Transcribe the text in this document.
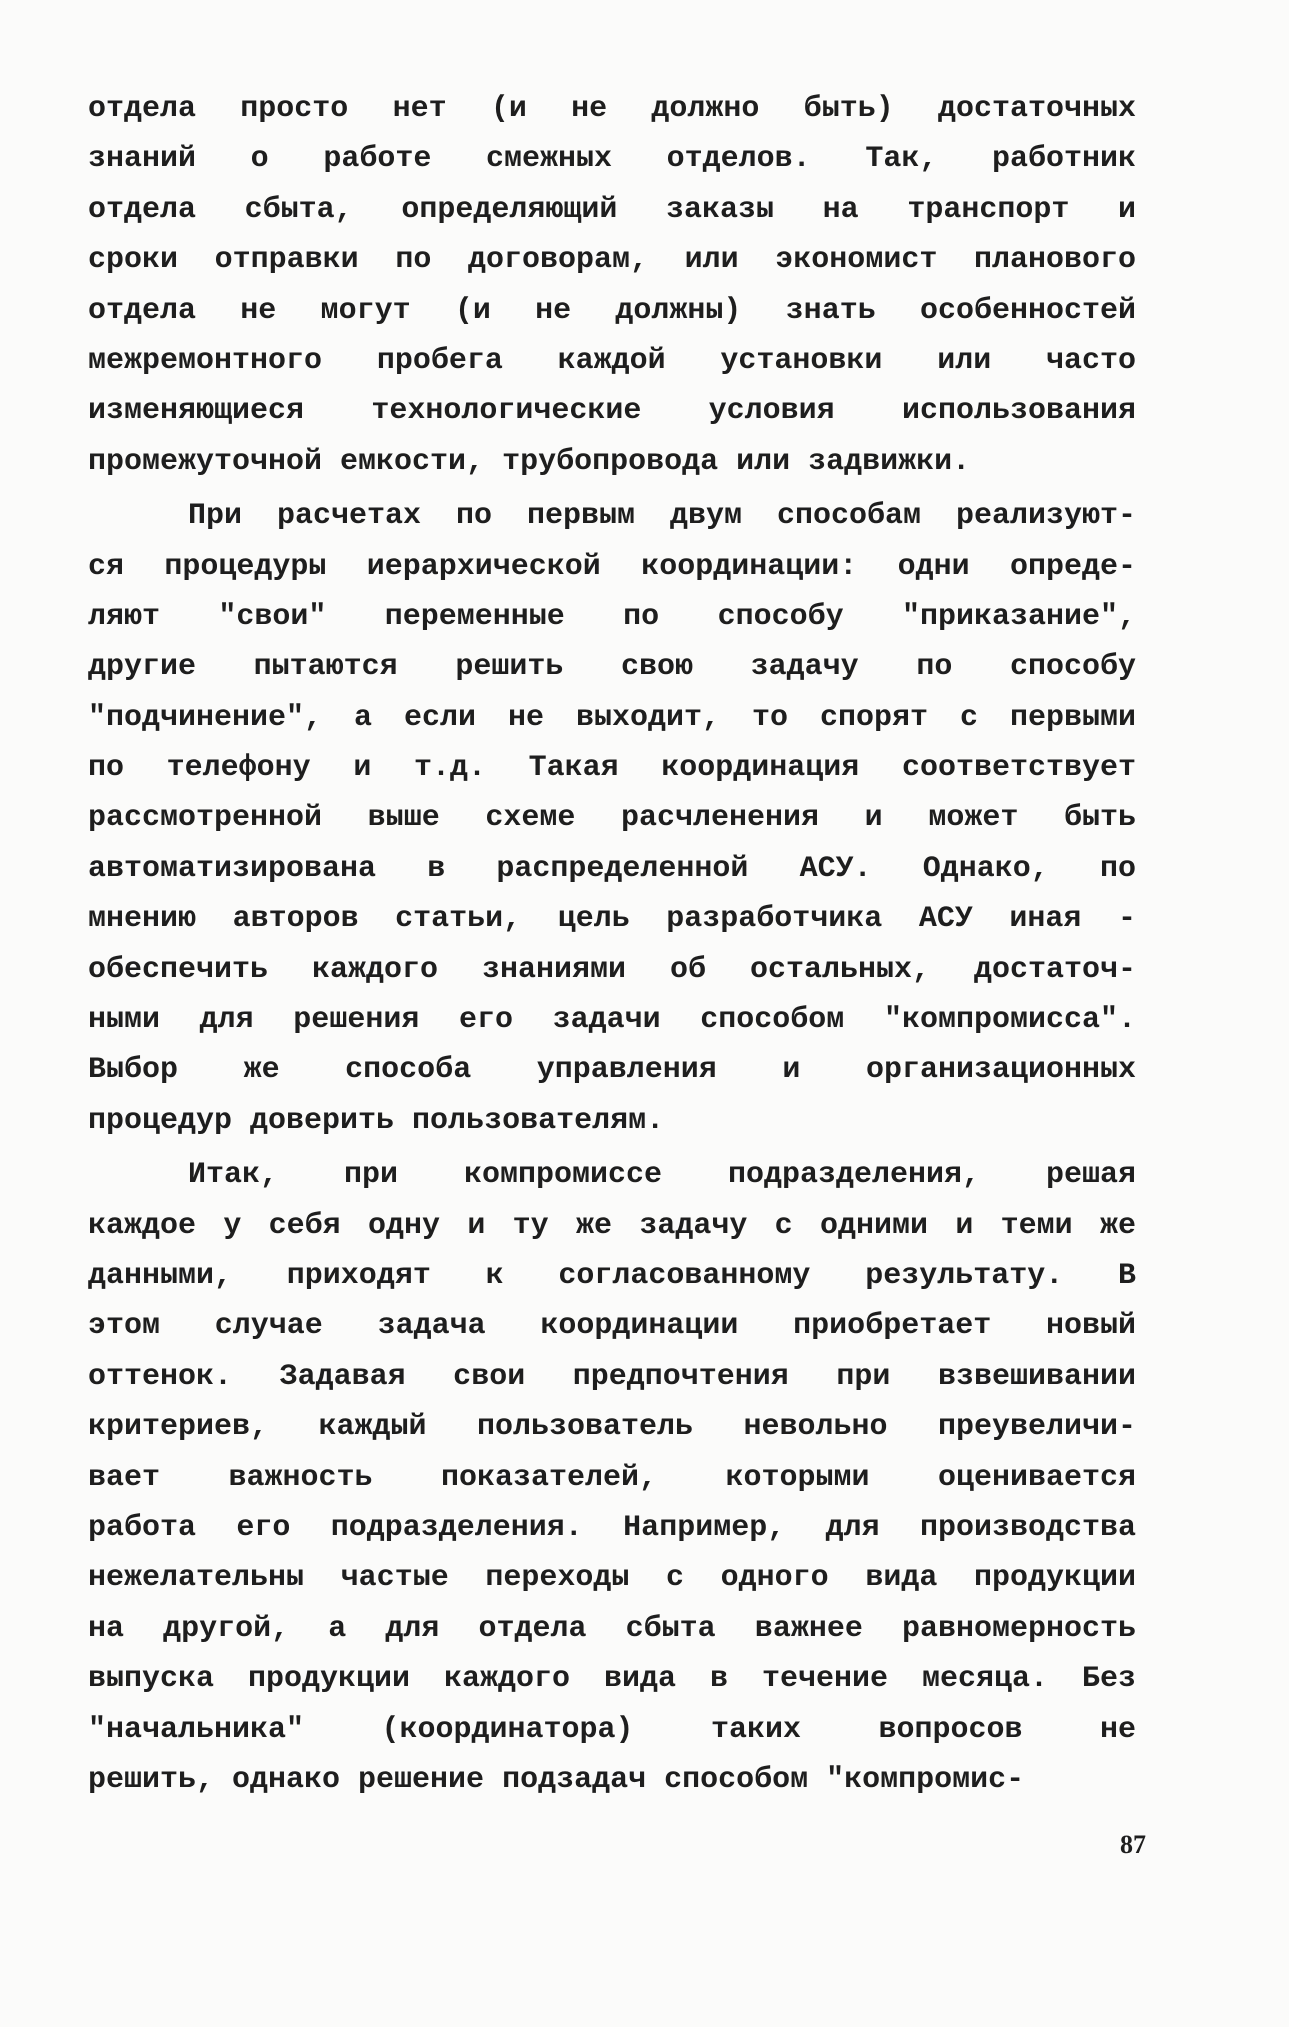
отдела просто нет (и не должно быть) достаточных
знаний о работе смежных отделов. Так, работник
отдела сбыта, определяющий заказы на транспорт и
сроки отправки по договорам, или экономист планового
отдела не могут (и не должны) знать особенностей
межремонтного пробега каждой установки или часто
изменяющиеся технологические условия использования
промежуточной емкости, трубопровода или задвижки.
При расчетах по первым двум способам реализуют-
ся процедуры иерархической координации: одни опреде-
ляют "свои" переменные по способу "приказание",
другие пытаются решить свою задачу по способу
"подчинение", а если не выходит, то спорят с первыми
по телефону и т.д. Такая координация соответствует
рассмотренной выше схеме расчленения и может быть
автоматизирована в распределенной АСУ. Однако, по
мнению авторов статьи, цель разработчика АСУ иная -
обеспечить каждого знаниями об остальных, достаточ-
ными для решения его задачи способом "компромисса".
Выбор же способа управления и организационных
процедур доверить пользователям.
Итак, при компромиссе подразделения, решая
каждое у себя одну и ту же задачу с одними и теми же
данными, приходят к согласованному результату. В
этом случае задача координации приобретает новый
оттенок. Задавая свои предпочтения при взвешивании
критериев, каждый пользователь невольно преувеличи-
вает важность показателей, которыми оценивается
работа его подразделения. Например, для производства
нежелательны частые переходы с одного вида продукции
на другой, а для отдела сбыта важнее равномерность
выпуска продукции каждого вида в течение месяца. Без
"начальника" (координатора) таких вопросов не
решить, однако решение подзадач способом "компромис-
87
